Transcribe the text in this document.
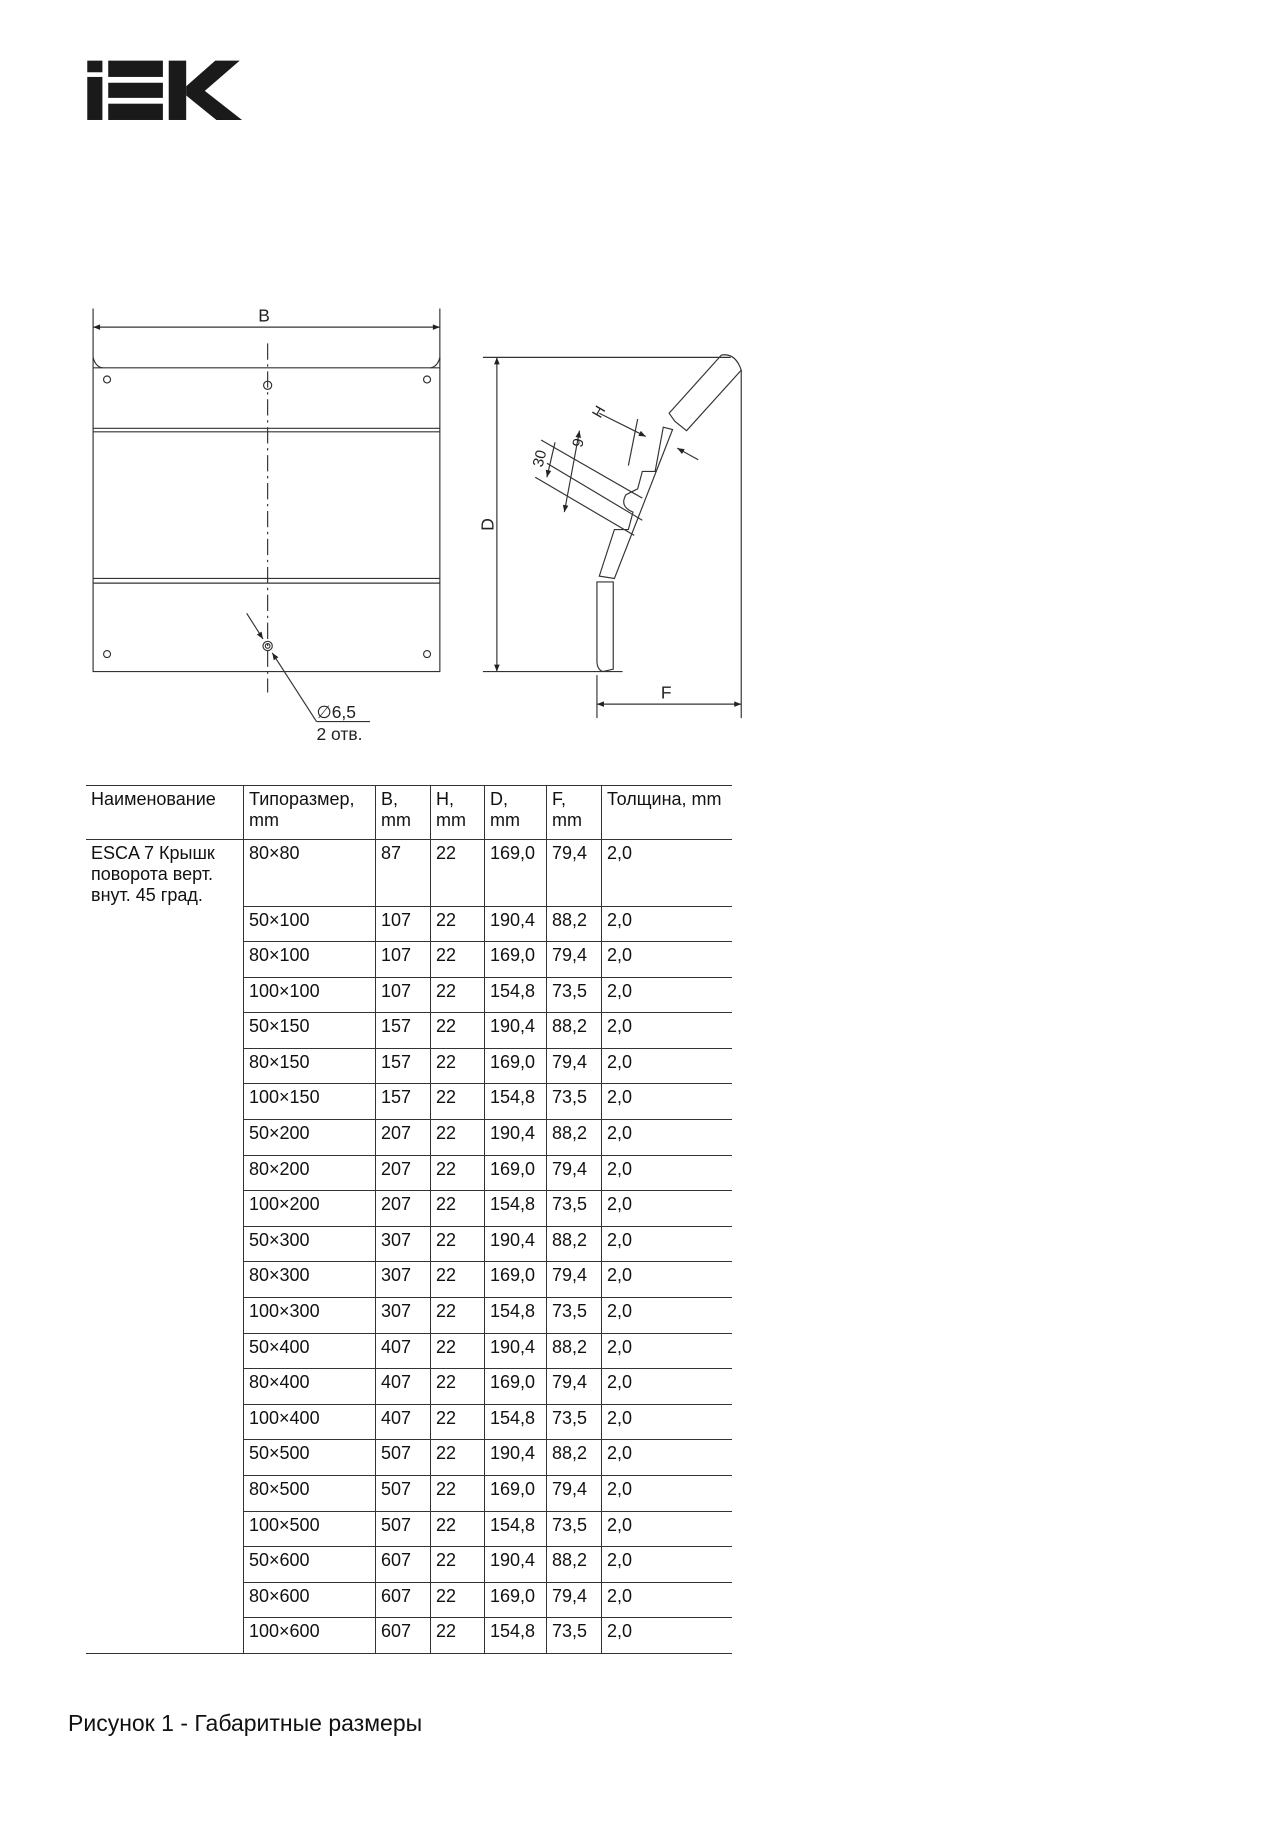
B
D
F
H
9
30
∅6,5
2 отв.
Наименование	Типоразмер, mm	B, mm	H, mm	D, mm	F, mm	Толщина, mm
ESCA 7 Крышк поворота верт. внут. 45 град.	80×80	87	22	169,0	79,4	2,0
	50×100	107	22	190,4	88,2	2,0
	80×100	107	22	169,0	79,4	2,0
	100×100	107	22	154,8	73,5	2,0
	50×150	157	22	190,4	88,2	2,0
	80×150	157	22	169,0	79,4	2,0
	100×150	157	22	154,8	73,5	2,0
	50×200	207	22	190,4	88,2	2,0
	80×200	207	22	169,0	79,4	2,0
	100×200	207	22	154,8	73,5	2,0
	50×300	307	22	190,4	88,2	2,0
	80×300	307	22	169,0	79,4	2,0
	100×300	307	22	154,8	73,5	2,0
	50×400	407	22	190,4	88,2	2,0
	80×400	407	22	169,0	79,4	2,0
	100×400	407	22	154,8	73,5	2,0
	50×500	507	22	190,4	88,2	2,0
	80×500	507	22	169,0	79,4	2,0
	100×500	507	22	154,8	73,5	2,0
	50×600	607	22	190,4	88,2	2,0
	80×600	607	22	169,0	79,4	2,0
	100×600	607	22	154,8	73,5	2,0
Рисунок 1 - Габаритные размеры
